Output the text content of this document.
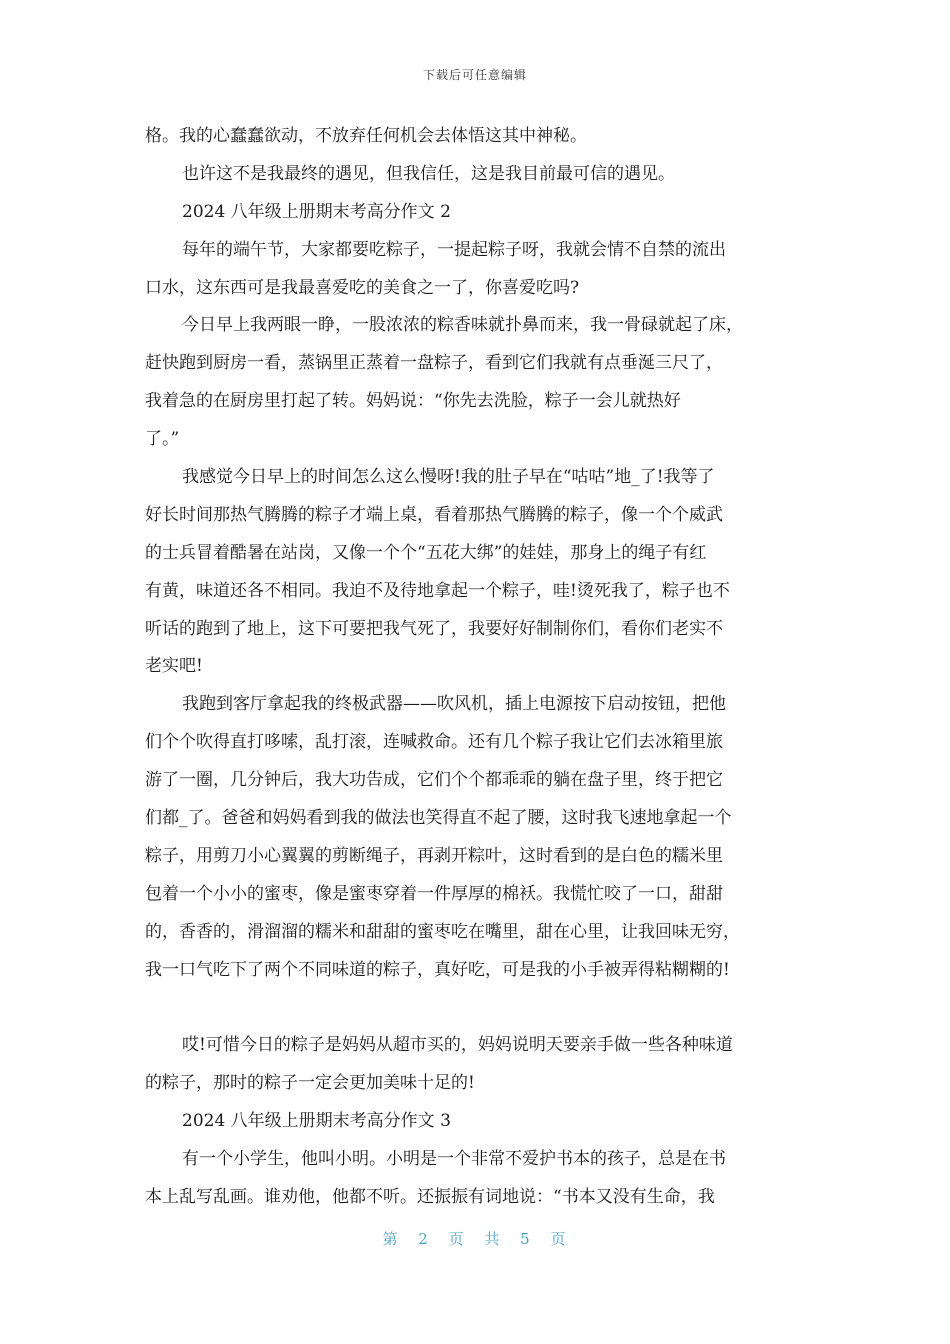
下载后可任意编辑
格。我的心蠢蠢欲动，不放弃任何机会去体悟这其中神秘。
也许这不是我最终的遇见，但我信任，这是我目前最可信的遇见。
2024 八年级上册期末考高分作文 2
每年的端午节，大家都要吃粽子，一提起粽子呀，我就会情不自禁的流出
口水，这东西可是我最喜爱吃的美食之一了，你喜爱吃吗?
今日早上我两眼一睁，一股浓浓的粽香味就扑鼻而来，我一骨碌就起了床，
赶快跑到厨房一看，蒸锅里正蒸着一盘粽子，看到它们我就有点垂涎三尺了，
我着急的在厨房里打起了转。妈妈说：“你先去洗脸，粽子一会儿就热好
了。”
我感觉今日早上的时间怎么这么慢呀!我的肚子早在“咕咕”地_了!我等了
好长时间那热气腾腾的粽子才端上桌，看着那热气腾腾的粽子，像一个个威武
的士兵冒着酷暑在站岗，又像一个个“五花大绑”的娃娃，那身上的绳子有红
有黄，味道还各不相同。我迫不及待地拿起一个粽子，哇!烫死我了，粽子也不
听话的跑到了地上，这下可要把我气死了，我要好好制制你们，看你们老实不
老实吧!
我跑到客厅拿起我的终极武器——吹风机，插上电源按下启动按钮，把他
们个个吹得直打哆嗦，乱打滚，连喊救命。还有几个粽子我让它们去冰箱里旅
游了一圈，几分钟后，我大功告成，它们个个都乖乖的躺在盘子里，终于把它
们都_了。爸爸和妈妈看到我的做法也笑得直不起了腰，这时我飞速地拿起一个
粽子，用剪刀小心翼翼的剪断绳子，再剥开粽叶，这时看到的是白色的糯米里
包着一个小小的蜜枣，像是蜜枣穿着一件厚厚的棉袄。我慌忙咬了一口，甜甜
的，香香的，滑溜溜的糯米和甜甜的蜜枣吃在嘴里，甜在心里，让我回味无穷，
我一口气吃下了两个不同味道的粽子，真好吃，可是我的小手被弄得粘糊糊的!
哎!可惜今日的粽子是妈妈从超市买的，妈妈说明天要亲手做一些各种味道
的粽子，那时的粽子一定会更加美味十足的!
2024 八年级上册期末考高分作文 3
有一个小学生，他叫小明。小明是一个非常不爱护书本的孩子，总是在书
本上乱写乱画。谁劝他，他都不听。还振振有词地说：“书本又没有生命，我
第 2 页 共 5 页
